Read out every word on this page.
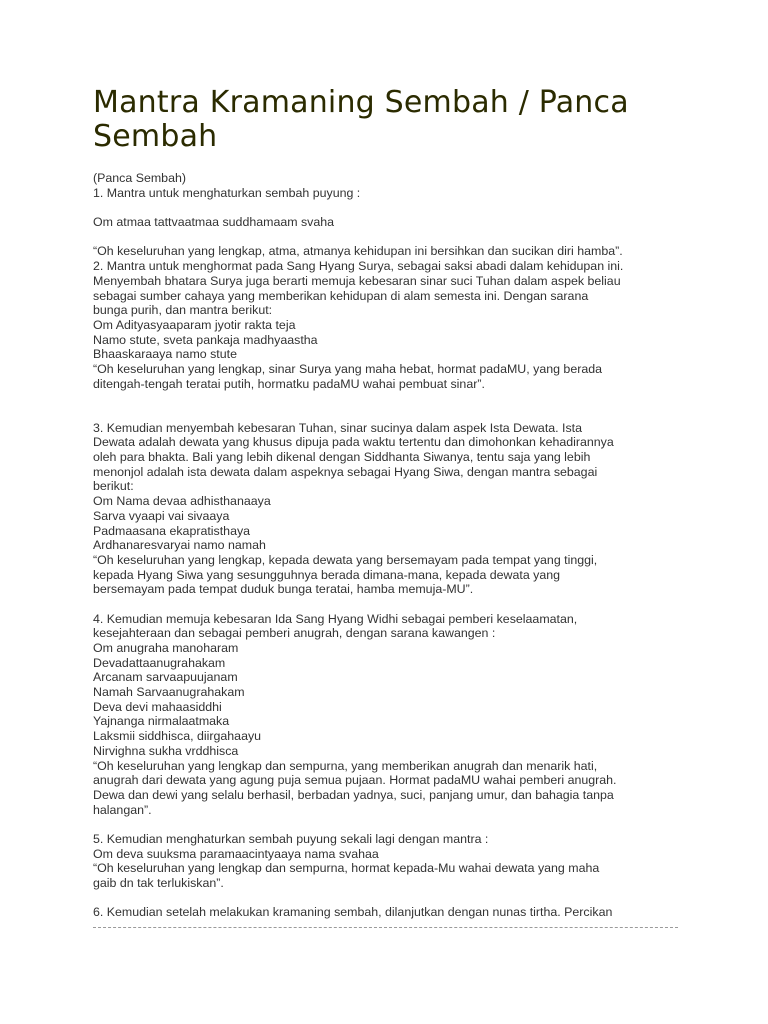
Mantra Kramaning Sembah / Panca
Sembah
(Panca Sembah)
1. Mantra untuk menghaturkan sembah puyung :
Om atmaa tattvaatmaa suddhamaam svaha
“Oh keseluruhan yang lengkap, atma, atmanya kehidupan ini bersihkan dan sucikan diri hamba”.
2. Mantra untuk menghormat pada Sang Hyang Surya, sebagai saksi abadi dalam kehidupan ini.
Menyembah bhatara Surya juga berarti memuja kebesaran sinar suci Tuhan dalam aspek beliau
sebagai sumber cahaya yang memberikan kehidupan di alam semesta ini. Dengan sarana
bunga purih, dan mantra berikut:
Om Adityasyaaparam jyotir rakta teja
Namo stute, sveta pankaja madhyaastha
Bhaaskaraaya namo stute
“Oh keseluruhan yang lengkap, sinar Surya yang maha hebat, hormat padaMU, yang berada
ditengah-tengah teratai putih, hormatku padaMU wahai pembuat sinar”.
3. Kemudian menyembah kebesaran Tuhan, sinar sucinya dalam aspek Ista Dewata. Ista
Dewata adalah dewata yang khusus dipuja pada waktu tertentu dan dimohonkan kehadirannya
oleh para bhakta. Bali yang lebih dikenal dengan Siddhanta Siwanya, tentu saja yang lebih
menonjol adalah ista dewata dalam aspeknya sebagai Hyang Siwa, dengan mantra sebagai
berikut:
Om Nama devaa adhisthanaaya
Sarva vyaapi vai sivaaya
Padmaasana ekapratisthaya
Ardhanaresvaryai namo namah
“Oh keseluruhan yang lengkap, kepada dewata yang bersemayam pada tempat yang tinggi,
kepada Hyang Siwa yang sesungguhnya berada dimana-mana, kepada dewata yang
bersemayam pada tempat duduk bunga teratai, hamba memuja-MU”.
4. Kemudian memuja kebesaran Ida Sang Hyang Widhi sebagai pemberi keselaamatan,
kesejahteraan dan sebagai pemberi anugrah, dengan sarana kawangen :
Om anugraha manoharam
Devadattaanugrahakam
Arcanam sarvaapuujanam
Namah Sarvaanugrahakam
Deva devi mahaasiddhi
Yajnanga nirmalaatmaka
Laksmii siddhisca, diirgahaayu
Nirvighna sukha vrddhisca
“Oh keseluruhan yang lengkap dan sempurna, yang memberikan anugrah dan menarik hati,
anugrah dari dewata yang agung puja semua pujaan. Hormat padaMU wahai pemberi anugrah.
Dewa dan dewi yang selalu berhasil, berbadan yadnya, suci, panjang umur, dan bahagia tanpa
halangan”.
5. Kemudian menghaturkan sembah puyung sekali lagi dengan mantra :
Om deva suuksma paramaacintyaaya nama svahaa
“Oh keseluruhan yang lengkap dan sempurna, hormat kepada-Mu wahai dewata yang maha
gaib dn tak terlukiskan”.
6. Kemudian setelah melakukan kramaning sembah, dilanjutkan dengan nunas tirtha. Percikan
